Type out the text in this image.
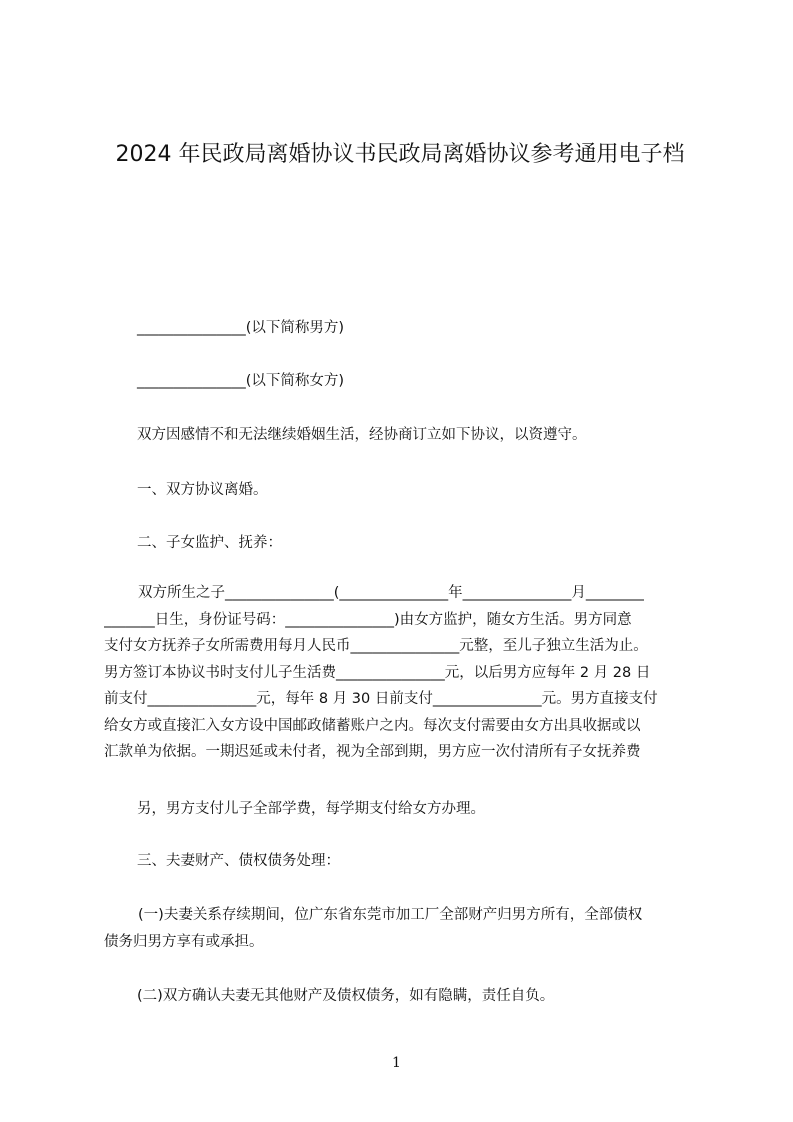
2024 年民政局离婚协议书民政局离婚协议参考通用电子档
_______________(以下简称男方)
_______________(以下简称女方)
双方因感情不和无法继续婚姻生活，经协商订立如下协议，以资遵守。
一、双方协议离婚。
二、子女监护、抚养：
双方所生之子_______________(_______________年_______________月________
_______日生，身份证号码：_______________)由女方监护，随女方生活。男方同意
支付女方抚养子女所需费用每月人民币_______________元整，至儿子独立生活为止。
男方签订本协议书时支付儿子生活费_______________元，以后男方应每年 2 月 28 日
前支付_______________元，每年 8 月 30 日前支付_______________元。男方直接支付
给女方或直接汇入女方设中国邮政储蓄账户之内。每次支付需要由女方出具收据或以
汇款单为依据。一期迟延或未付者，视为全部到期，男方应一次付清所有子女抚养费
另，男方支付儿子全部学费，每学期支付给女方办理。
三、夫妻财产、债权债务处理：
(一)夫妻关系存续期间，位广东省东莞市加工厂全部财产归男方所有，全部债权
债务归男方享有或承担。
(二)双方确认夫妻无其他财产及债权债务，如有隐瞒，责任自负。
1
